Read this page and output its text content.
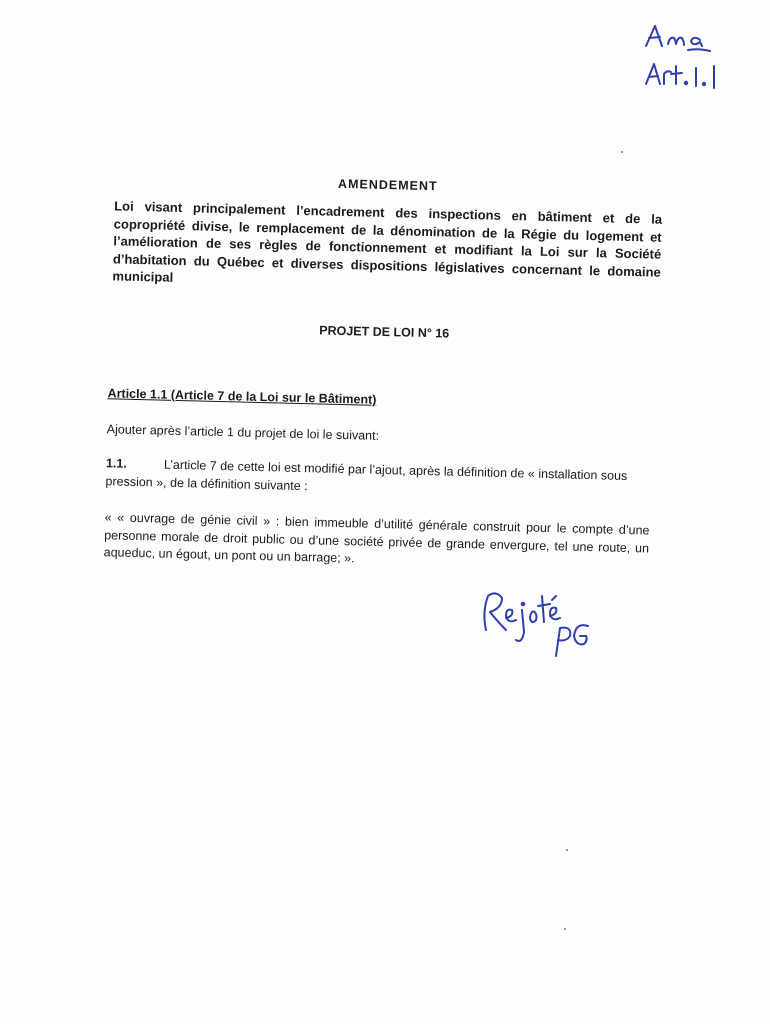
AMENDEMENT
Loi visant principalement l’encadrement des inspections en bâtiment et de la copropriété divise, le remplacement de la dénomination de la Régie du logement et l’amélioration de ses règles de fonctionnement et modifiant la Loi sur la Société d’habitation du Québec et diverses dispositions législatives concernant le domaine municipal
PROJET DE LOI N° 16
Article 1.1 (Article 7 de la Loi sur le Bâtiment)
Ajouter après l’article 1 du projet de loi le suivant:
1.1.	L’article 7 de cette loi est modifié par l’ajout, après la définition de « installation sous pression », de la définition suivante :
« « ouvrage de génie civil » : bien immeuble d’utilité générale construit pour le compte d’une personne morale de droit public ou d’une société privée de grande envergure, tel une route, un aqueduc, un égout, un pont ou un barrage; ».
